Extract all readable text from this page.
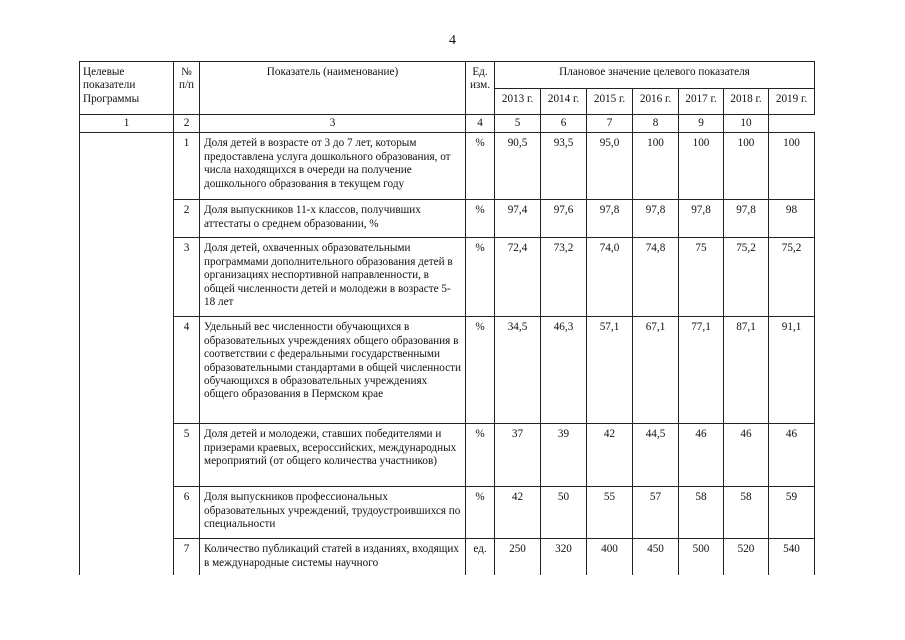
4
Целевые показатели Программы	№ п/п	Показатель (наименование)	Ед. изм.	Плановое значение целевого показателя						
				2013 г.	2014 г.	2015 г.	2016 г.	2017 г.	2018 г.	2019 г.
1	2	3	4	5	6	7	8	9	10	
	1	Доля детей в возрасте от 3 до 7 лет, которым предоставлена услуга дошкольного образования, от числа находящихся в очереди на получение дошкольного образования в текущем году	%	90,5	93,5	95,0	100	100	100	100
	2	Доля выпускников 11-х классов, получивших аттестаты о среднем образовании, %	%	97,4	97,6	97,8	97,8	97,8	97,8	98
	3	Доля детей, охваченных образовательными программами дополнительного образования детей в организациях неспортивной направленности, в общей численности детей и молодежи в возрасте 5-18 лет	%	72,4	73,2	74,0	74,8	75	75,2	75,2
	4	Удельный вес численности обучающихся в образовательных учреждениях общего образования в соответствии с федеральными государственными образовательными стандартами в общей численности обучающихся в образовательных учреждениях общего образования в Пермском крае	%	34,5	46,3	57,1	67,1	77,1	87,1	91,1
	5	Доля детей и молодежи, ставших победителями и призерами краевых, всероссийских, международных мероприятий (от общего количества участников)	%	37	39	42	44,5	46	46	46
	6	Доля выпускников профессиональных образовательных учреждений, трудоустроившихся по специальности	%	42	50	55	57	58	58	59
	7	Количество публикаций статей в изданиях, входящих в международные системы научного	ед.	250	320	400	450	500	520	540
